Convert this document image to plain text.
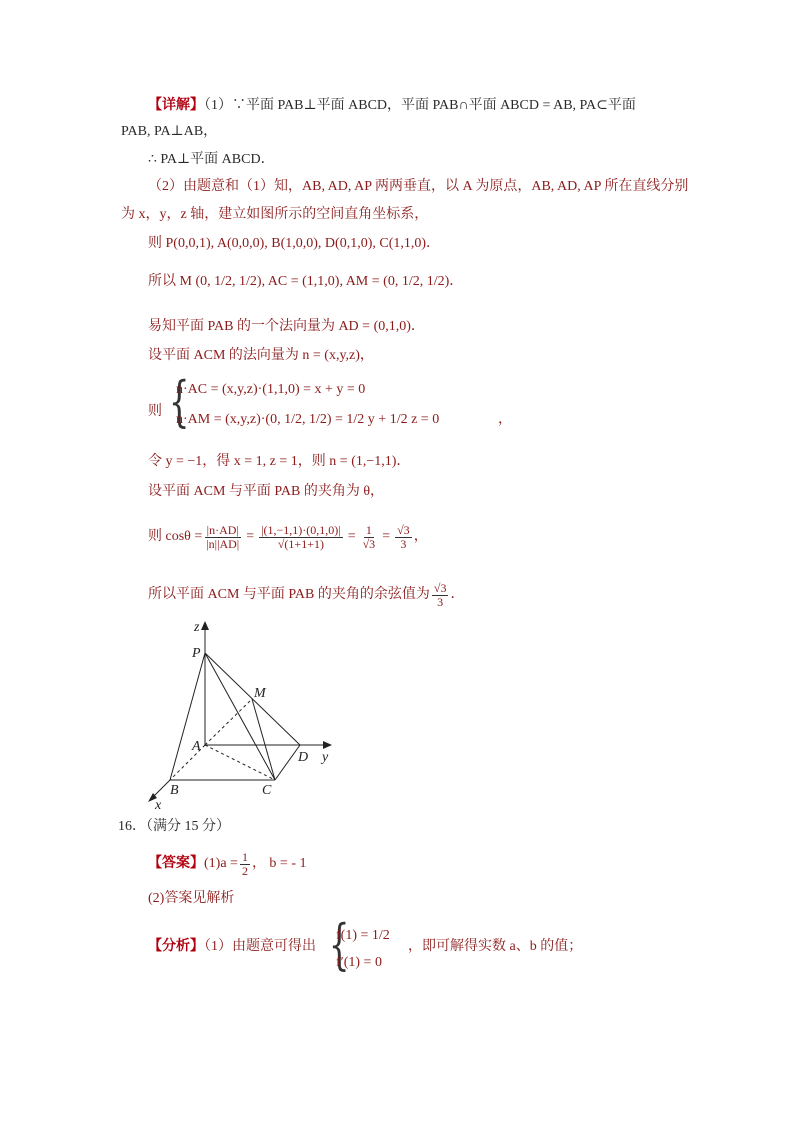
【详解】（1）∵平面 PAB⊥平面 ABCD，平面 PAB∩平面 ABCD = AB, PA⊂平面
PAB, PA⊥AB，
∴ PA⊥平面 ABCD．
（2）由题意和（1）知，AB, AD, AP 两两垂直，以 A 为原点，AB, AD, AP 所在直线分别
为 x，y，z 轴，建立如图所示的空间直角坐标系，
则 P(0,0,1), A(0,0,0), B(1,0,0), D(0,1,0), C(1,1,0)．
所以 M (0, 1/2, 1/2), AC = (1,1,0), AM = (0, 1/2, 1/2)．
易知平面 PAB 的一个法向量为 AD = (0,1,0)．
设平面 ACM 的法向量为 n = (x,y,z)，
则 {
n·AC = (x,y,z)·(1,1,0) = x + y = 0
n·AM = (x,y,z)·(0, 1/2, 1/2) = 1/2 y + 1/2 z = 0	，
令 y = −1，得 x = 1, z = 1，则 n = (1,−1,1)．
设平面 ACM 与平面 PAB 的夹角为 θ，
则 $\cos\theta = \frac{|n\cdot AD|}{|n||AD|} = \frac{|(1,-1,1)\cdot(0,1,0)|}{√(1+1+1)} = \frac{1}{√3} = \frac{√3}{3}$ ，
所以平面 ACM 与平面 PAB 的夹角的余弦值为 $\frac{√3}{3}$ ．
z
P
M
A
D y
B	C
x
16．（满分 15 分）
【答案】 $(1)a = \frac{1}{2}$ ， b = - 1
(2)答案见解析
【分析】（1）由题意可得出 {
f(1) = 1/2
f′(1) = 0
，即可解得实数 a、b 的值；
